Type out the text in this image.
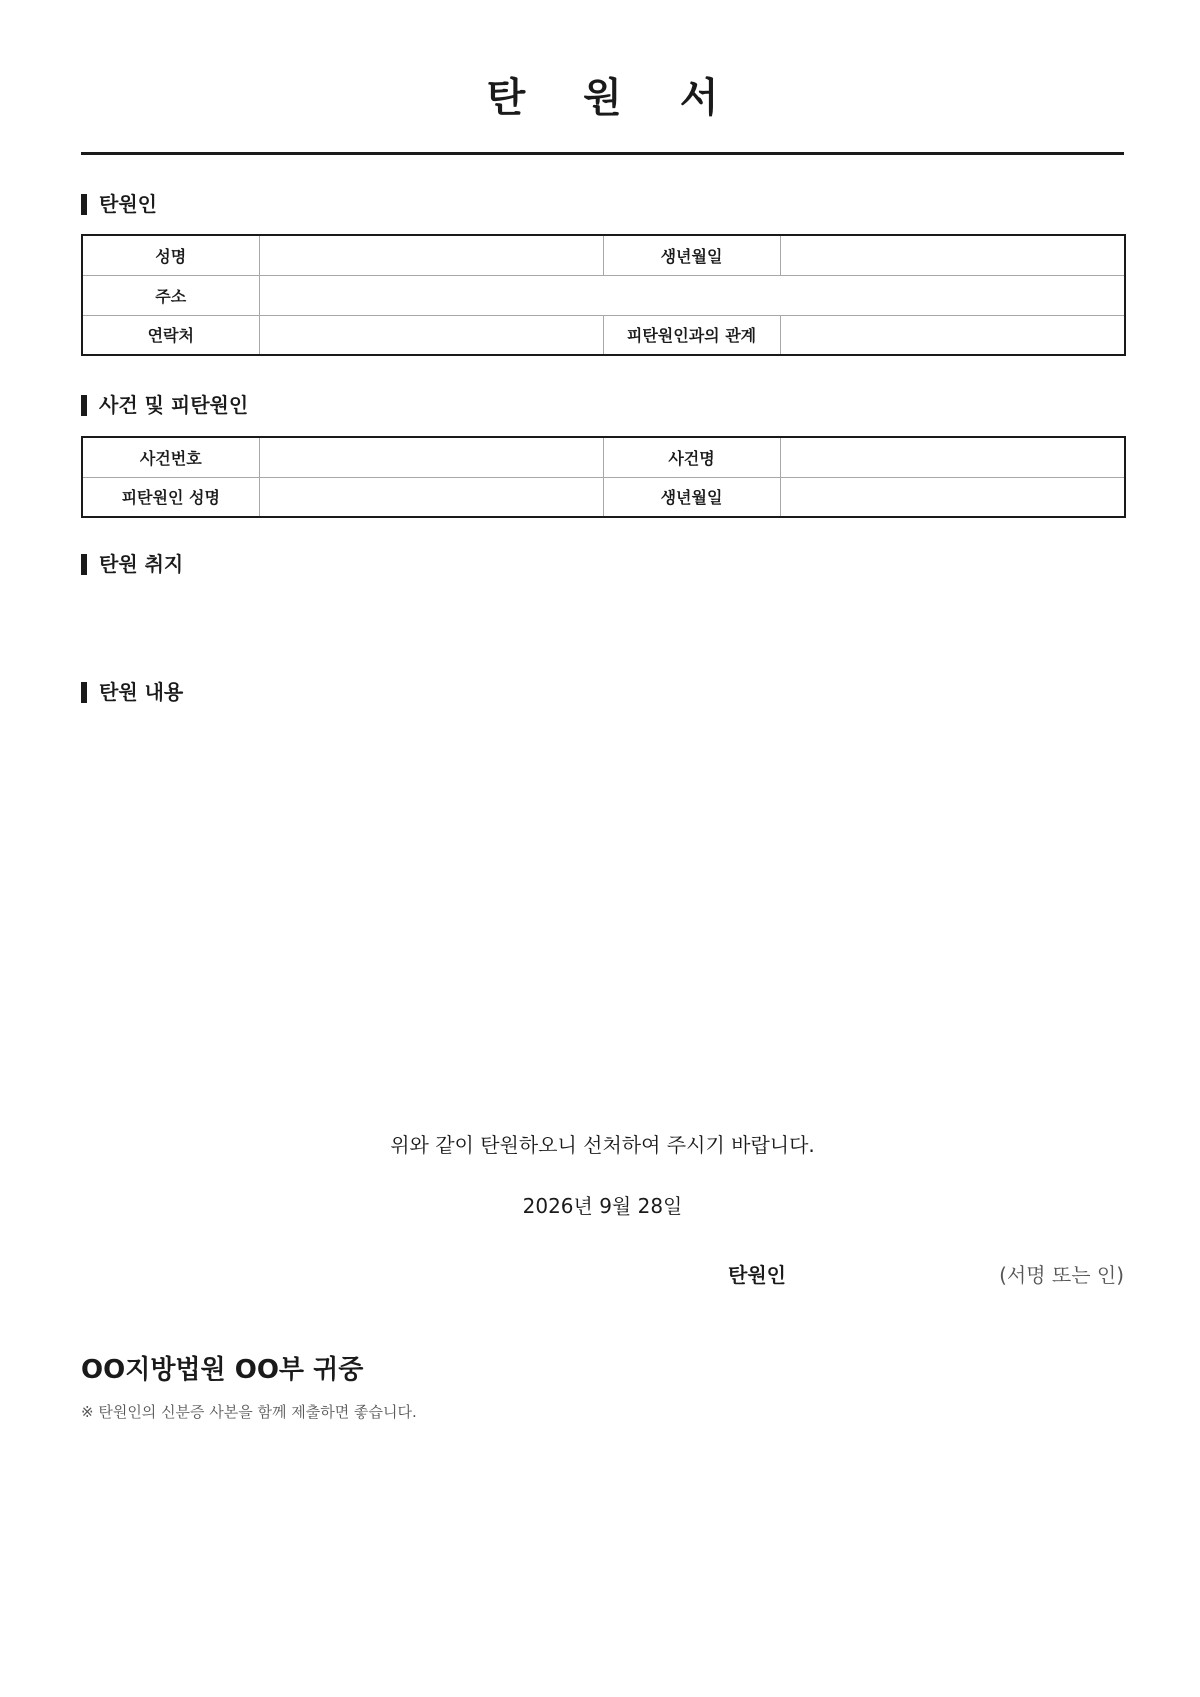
탄 원 서
탄원인
성명		생년월일	
주소			
연락처		피탄원인과의 관계	
사건 및 피탄원인
사건번호		사건명	
피탄원인 성명		생년월일	
탄원 취지
탄원 내용
위와 같이 탄원하오니 선처하여 주시기 바랍니다.
2026년 9월 28일
탄원인	(서명 또는 인)
OO지방법원 OO부 귀중
※ 탄원인의 신분증 사본을 함께 제출하면 좋습니다.
